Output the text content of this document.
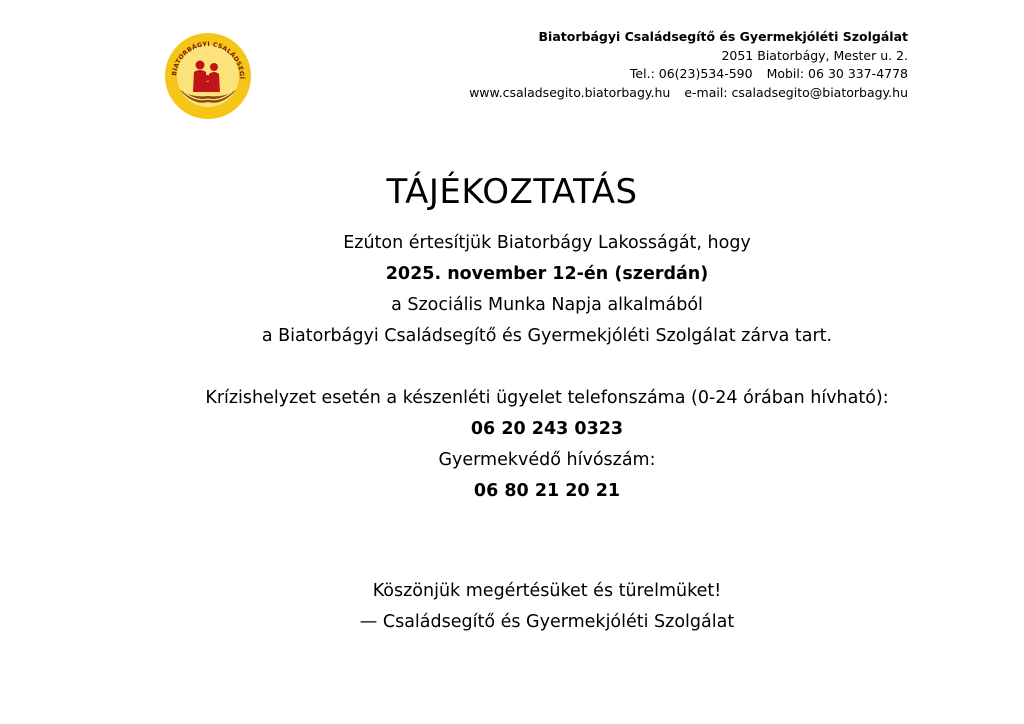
BIATORBÁGYI CSALÁDSEGÍ
Biatorbágyi Családsegítő és Gyermekjóléti Szolgálat
2051 Biatorbágy, Mester u. 2.
Tel.: 06(23)534-590 Mobil: 06 30 337-4778
www.csaladsegito.biatorbagy.hu e-mail: csaladsegito@biatorbagy.hu
TÁJÉKOZTATÁS
Ezúton értesítjük Biatorbágy Lakosságát, hogy
2025. november 12-én (szerdán)
a Szociális Munka Napja alkalmából
a Biatorbágyi Családsegítő és Gyermekjóléti Szolgálat zárva tart.
Krízishelyzet esetén a készenléti ügyelet telefonszáma (0-24 órában hívható):
06 20 243 0323
Gyermekvédő hívószám:
06 80 21 20 21
Köszönjük megértésüket és türelmüket!
— Családsegítő és Gyermekjóléti Szolgálat
